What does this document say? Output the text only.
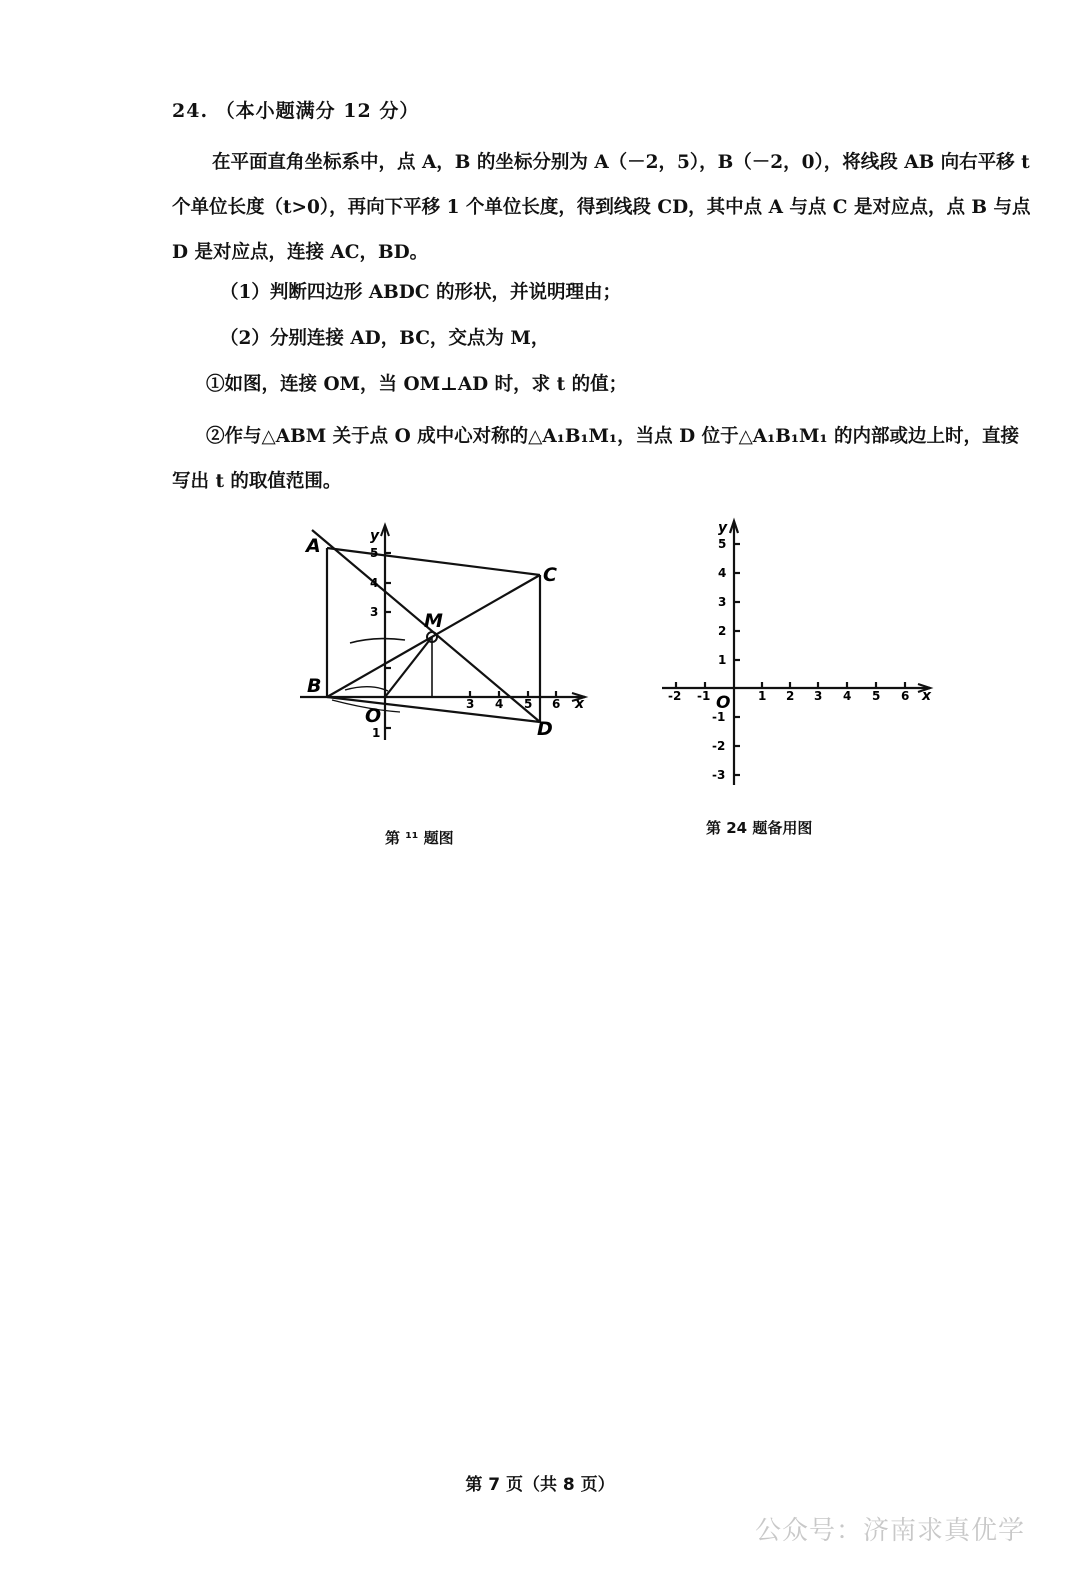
24. （本小题满分 12 分）
在平面直角坐标系中，点 A，B 的坐标分别为 A（－2，5），B（－2，0），将线段 AB 向右平移 t 个单位长度（t>0），再向下平移 1 个单位长度，得到线段 CD，其中点 A 与点 C 是对应点，点 B 与点 D 是对应点，连接 AC，BD。
（1）判断四边形 ABDC 的形状，并说明理由；
（2）分别连接 AD，BC，交点为 M，
①如图，连接 OM，当 OM⊥AD 时，求 t 的值；
②作与△ABM 关于点 O 成中心对称的△A₁B₁M₁，当点 D 位于△A₁B₁M₁ 的内部或边上时，直接写出 t 的取值范围。
A
B
C
D
M
O
x
y
5
4
3
1
3 4 5 6	x
y
O
-2 -1	1 2 3 4 5 6
5
4
3
2
1
-1
-2
-3
第 ¹¹ 题图
第 24 题备用图
第 7 页（共 8 页）
公众号：济南求真优学
